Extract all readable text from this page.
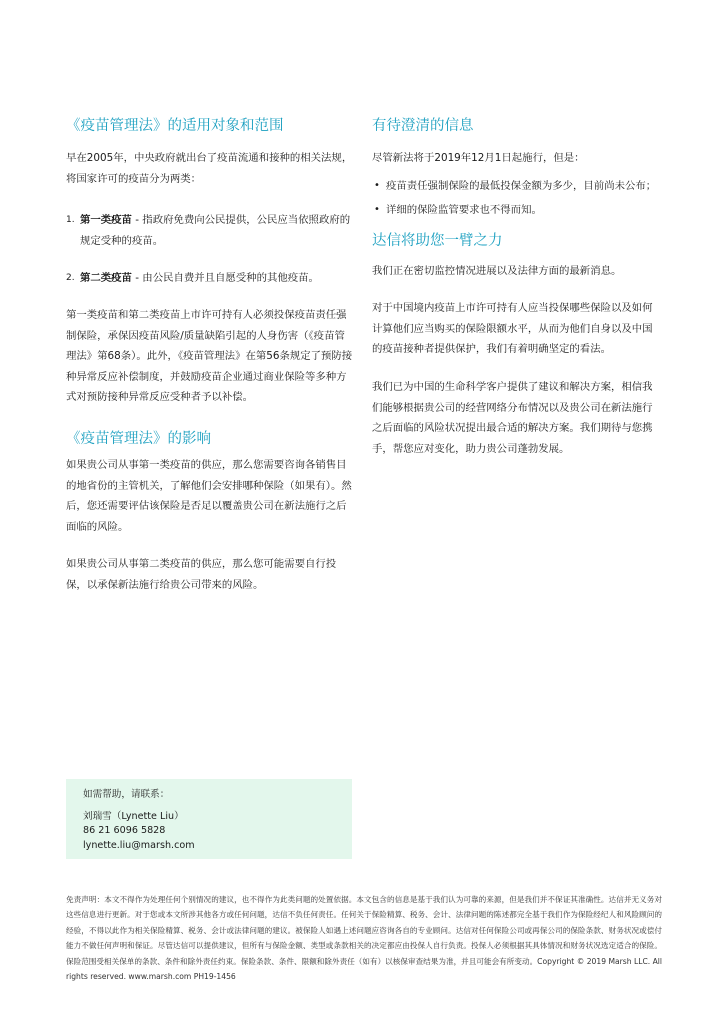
《疫苗管理法》的适用对象和范围

早在2005年，中央政府就出台了疫苗流通和接种的相关法规，将国家许可的疫苗分为两类：

1. 第一类疫苗 - 指政府免费向公民提供，公民应当依照政府的规定受种的疫苗。
2. 第二类疫苗 - 由公民自费并且自愿受种的其他疫苗。

第一类疫苗和第二类疫苗上市许可持有人必须投保疫苗责任强制保险，承保因疫苗风险/质量缺陷引起的人身伤害（《疫苗管理法》第68条）。此外，《疫苗管理法》在第56条规定了预防接种异常反应补偿制度，并鼓励疫苗企业通过商业保险等多种方式对预防接种异常反应受种者予以补偿。

《疫苗管理法》的影响

如果贵公司从事第一类疫苗的供应，那么您需要咨询各销售目的地省份的主管机关，了解他们会安排哪种保险（如果有）。然后，您还需要评估该保险是否足以覆盖贵公司在新法施行之后面临的风险。

如果贵公司从事第二类疫苗的供应，那么您可能需要自行投保，以承保新法施行给贵公司带来的风险。

有待澄清的信息

尽管新法将于2019年12月1日起施行，但是：

• 疫苗责任强制保险的最低投保金额为多少，目前尚未公布；
• 详细的保险监管要求也不得而知。
达信将助您一臂之力

我们正在密切监控情况进展以及法律方面的最新消息。

对于中国境内疫苗上市许可持有人应当投保哪些保险以及如何计算他们应当购买的保险限额水平，从而为他们自身以及中国的疫苗接种者提供保护，我们有着明确坚定的看法。

我们已为中国的生命科学客户提供了建议和解决方案，相信我们能够根据贵公司的经营网络分布情况以及贵公司在新法施行之后面临的风险状况提出最合适的解决方案。我们期待与您携手，帮您应对变化，助力贵公司蓬勃发展。

如需帮助，请联系：
刘瑞雪（Lynette Liu）
86 21 6096 5828
lynette.liu@marsh.com
免责声明：本文不得作为处理任何个别情况的建议，也不得作为此类问题的处置依据。本文包含的信息是基于我们认为可靠的来源，但是我们并不保证其准确性。达信并无义务对这些信息进行更新。对于您或本文所涉其他各方或任何问题，达信不负任何责任。任何关于保险精算、税务、会计、法律问题的陈述都完全基于我们作为保险经纪人和风险顾问的经验，不得以此作为相关保险精算、税务、会计或法律问题的建议。被保险人如遇上述问题应咨询各自的专业顾问。达信对任何保险公司或再保公司的保险条款、财务状况或偿付能力不做任何声明和保证。尽管达信可以提供建议，但所有与保险金额、类型或条款相关的决定都应由投保人自行负责。投保人必须根据其具体情况和财务状况选定适合的保险。保险范围受相关保单的条款、条件和除外责任约束。保险条款、条件、限额和除外责任（如有）以核保审查结果为准，并且可能会有所变动。Copyright © 2019 Marsh LLC. All rights reserved. www.marsh.com PH19-1456
